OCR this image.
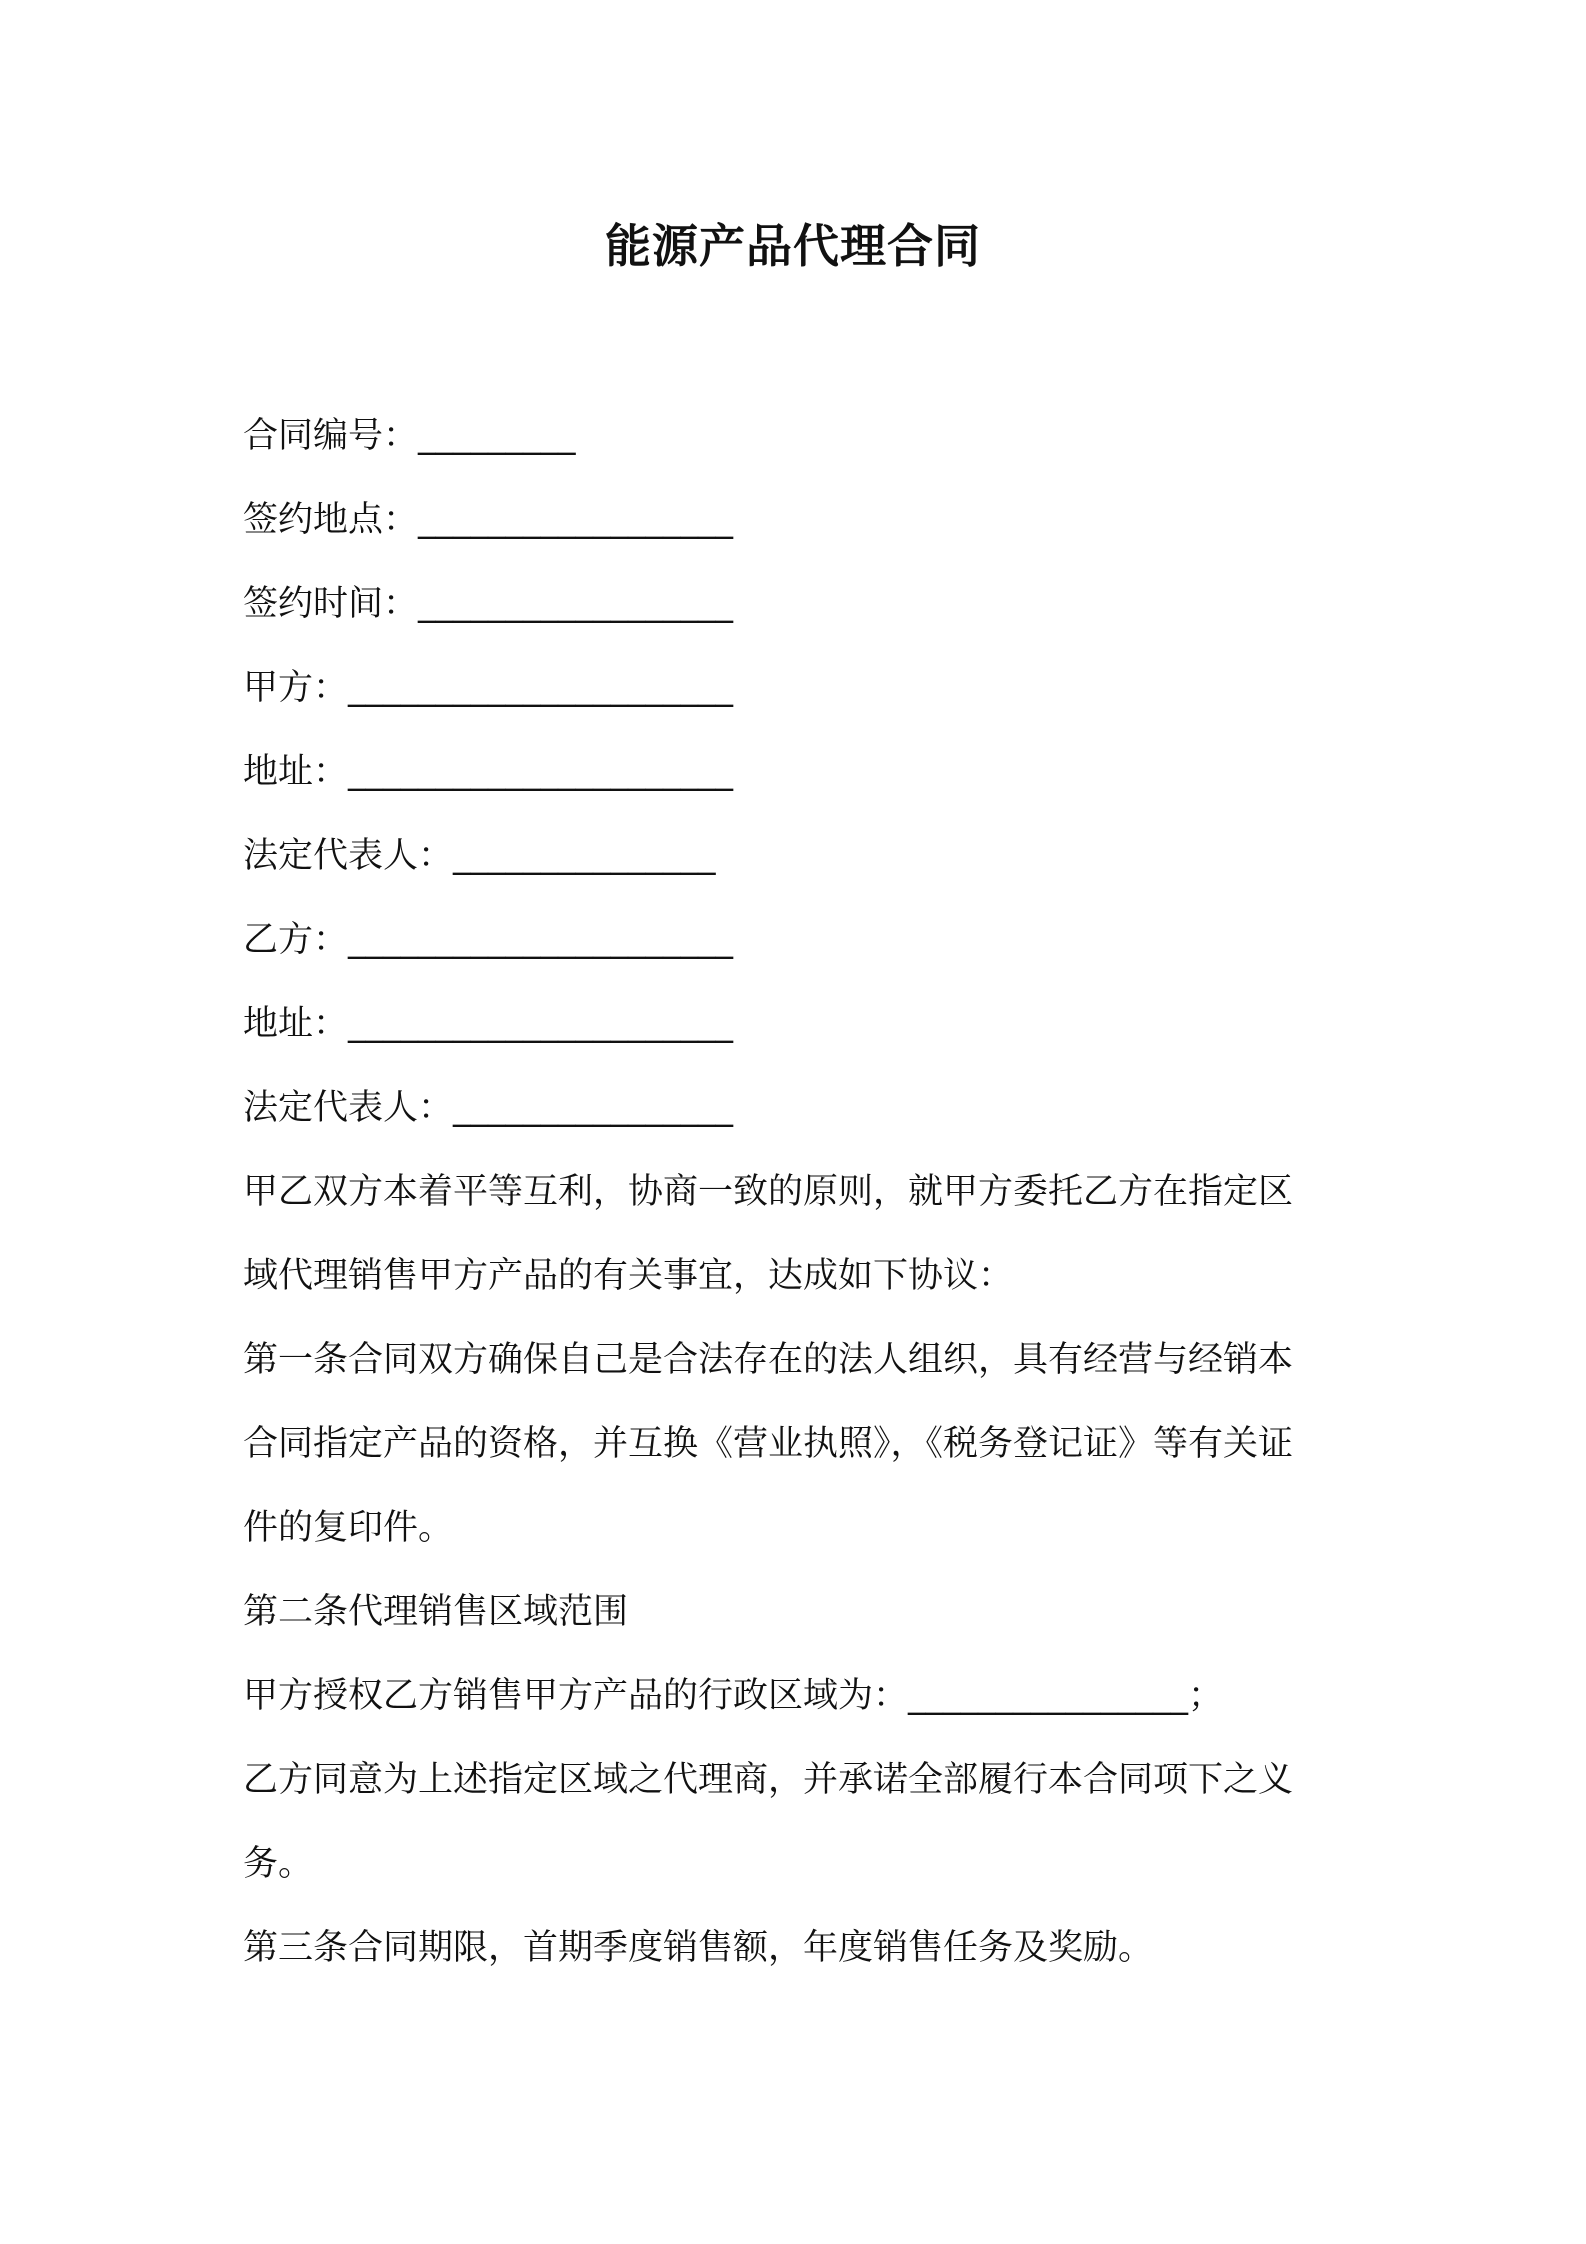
能源产品代理合同
合同编号：_________
签约地点：__________________
签约时间：__________________
甲方：______________________
地址：______________________
法定代表人：_______________
乙方：______________________
地址：______________________
法定代表人：________________
甲乙双方本着平等互利，协商一致的原则，就甲方委托乙方在指定区
域代理销售甲方产品的有关事宜，达成如下协议：
第一条合同双方确保自己是合法存在的法人组织，具有经营与经销本
合同指定产品的资格，并互换《营业执照》，《税务登记证》等有关证
件的复印件。
第二条代理销售区域范围
甲方授权乙方销售甲方产品的行政区域为：________________；
乙方同意为上述指定区域之代理商，并承诺全部履行本合同项下之义
务。
第三条合同期限，首期季度销售额，年度销售任务及奖励。
